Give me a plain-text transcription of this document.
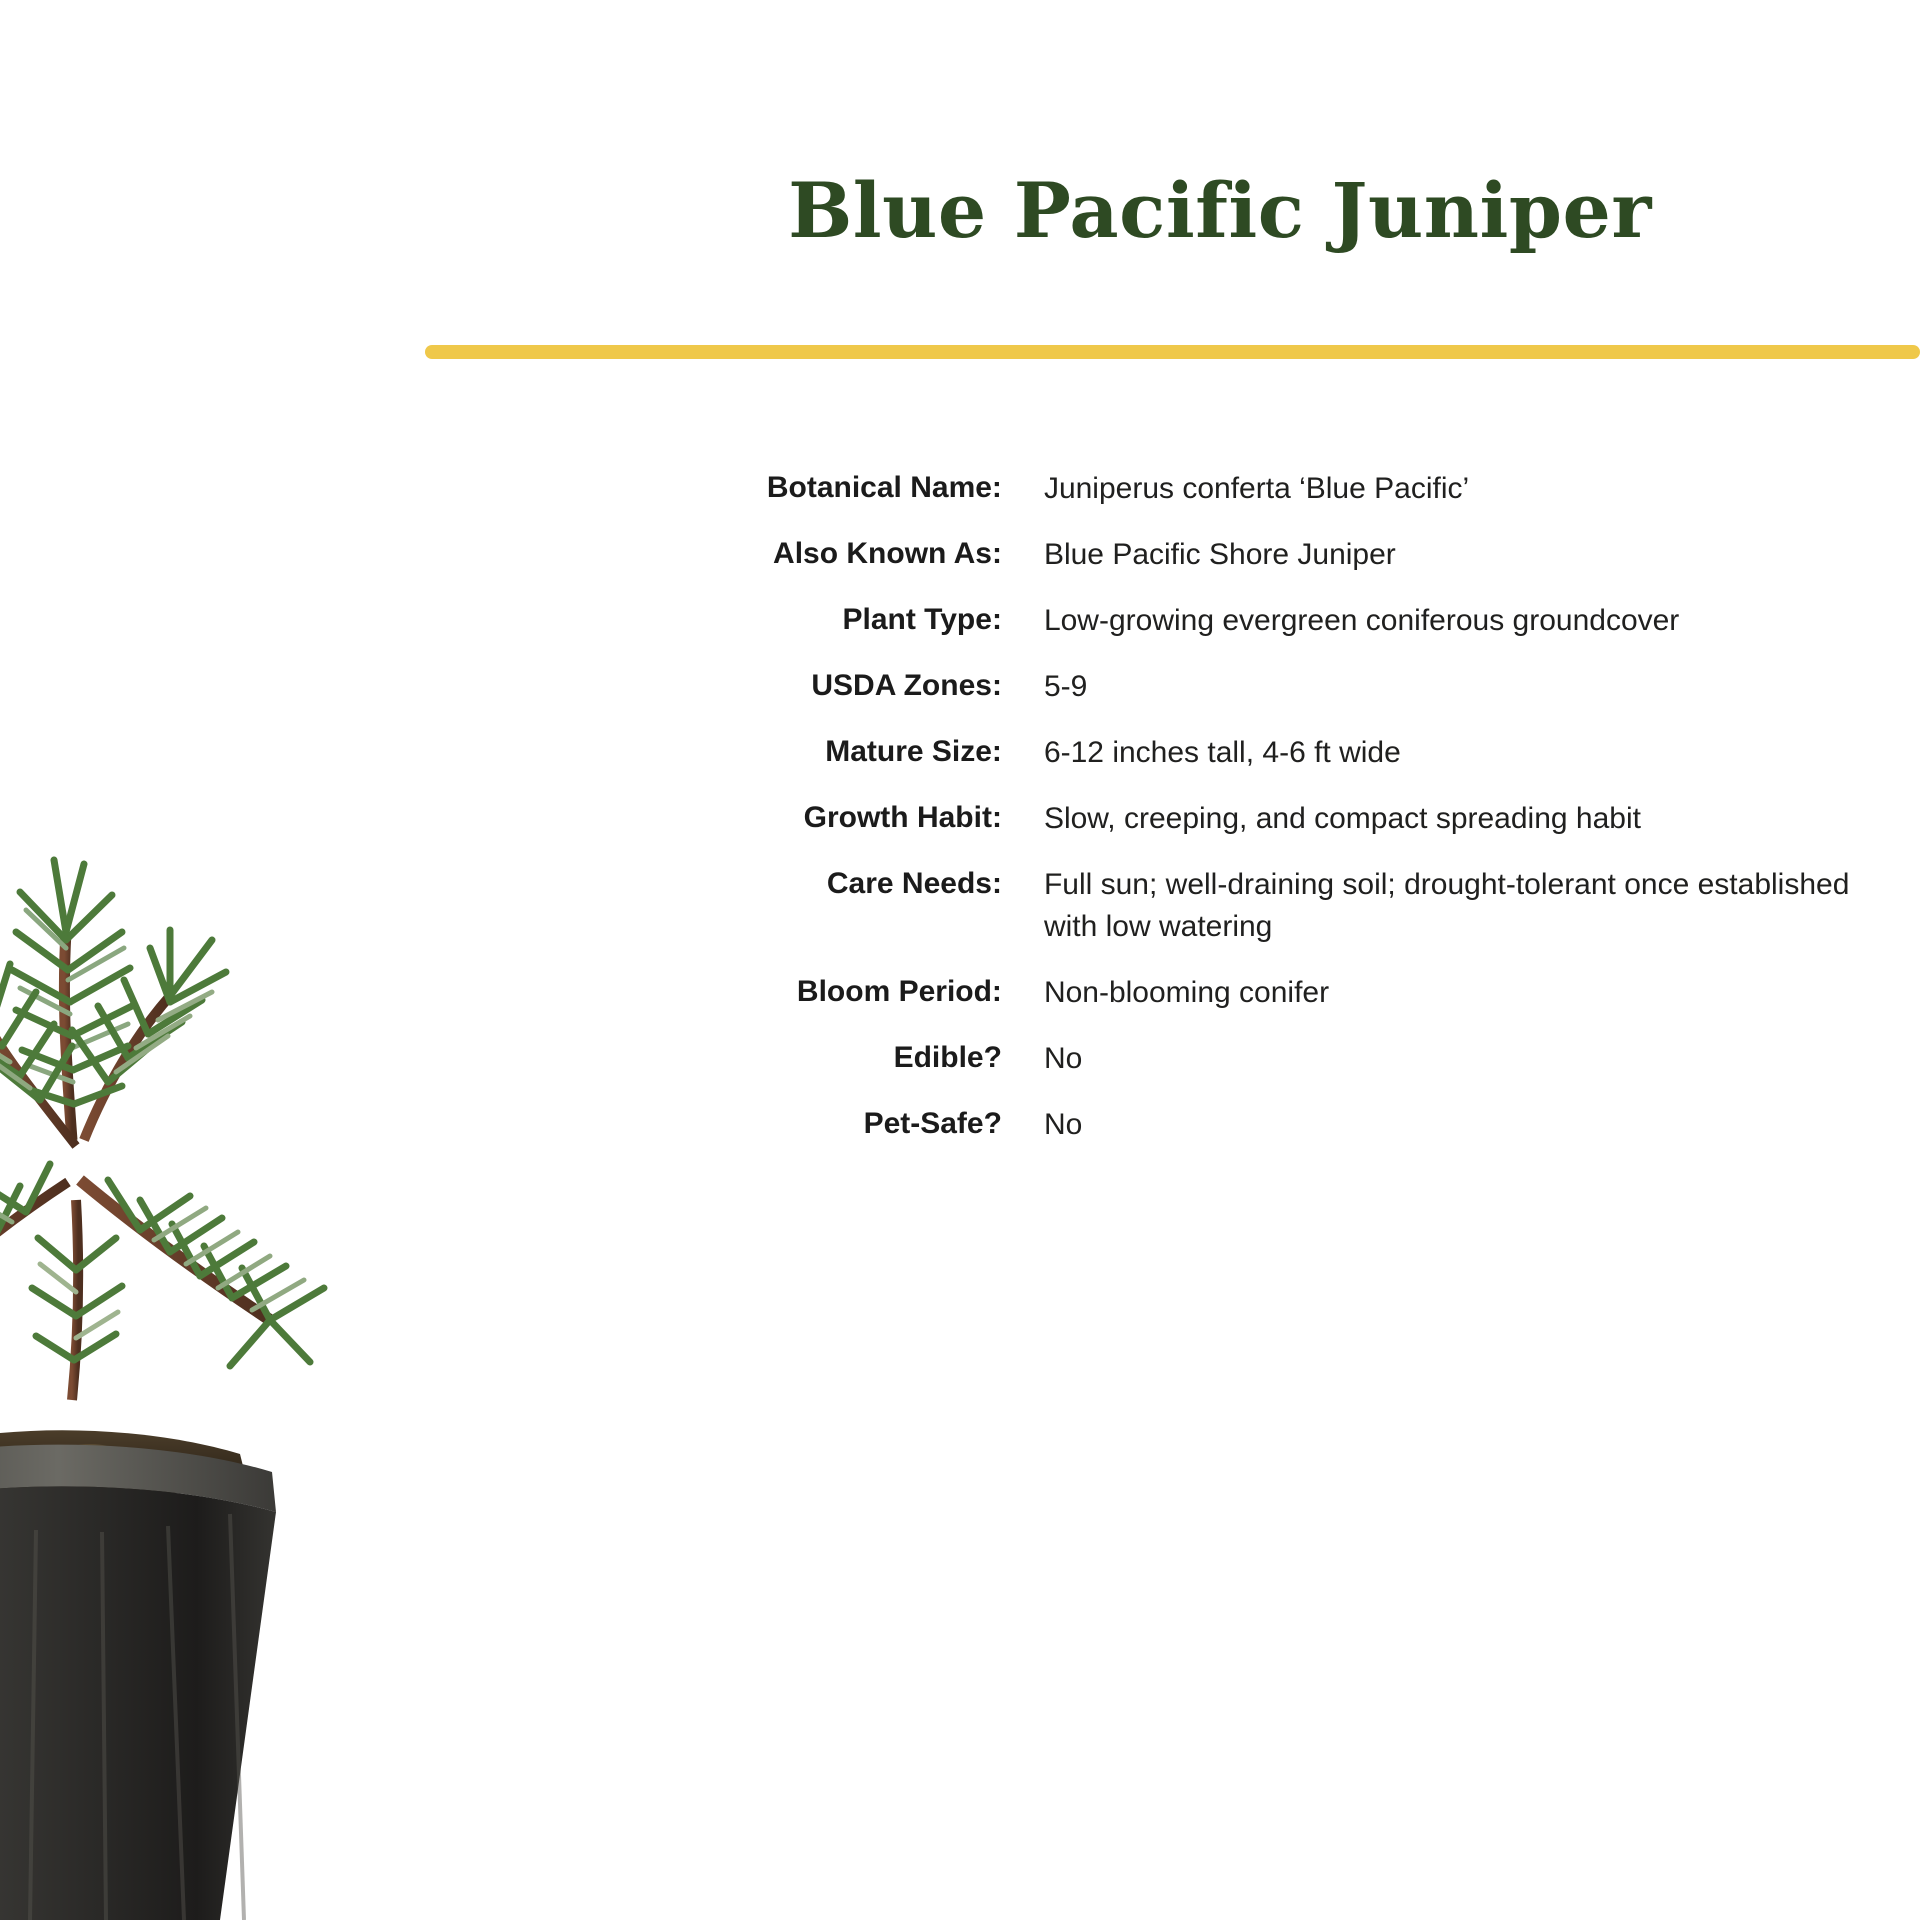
Blue Pacific Juniper
Botanical Name:	Juniperus conferta ‘Blue Pacific’
Also Known As:	Blue Pacific Shore Juniper
Plant Type:	Low-growing evergreen coniferous groundcover
USDA Zones:	5-9
Mature Size:	6-12 inches tall, 4-6 ft wide
Growth Habit:	Slow, creeping, and compact spreading habit
Care Needs:	Full sun; well-draining soil; drought-tolerant once established with low watering
Bloom Period:	Non-blooming conifer
Edible?	No
Pet-Safe?	No
